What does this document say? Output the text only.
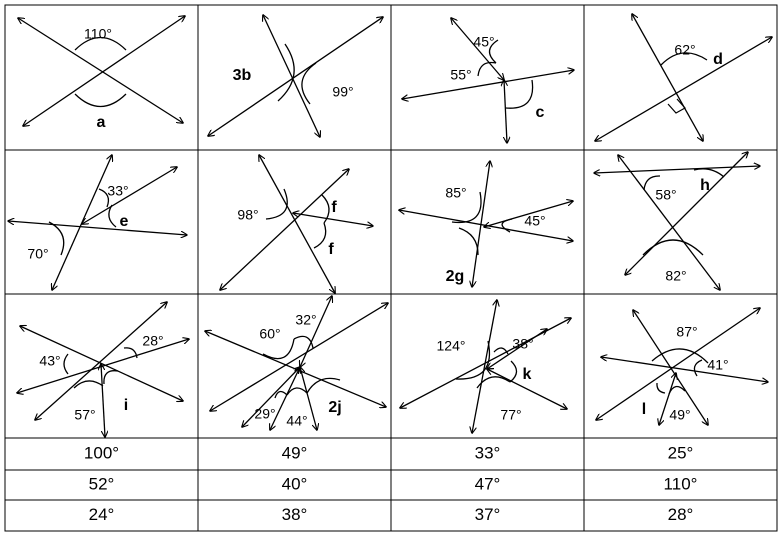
110°
a
3b
99°
45°
55°
c
62°
d
33°
e
70°
98°	f
f
85°
45°
2g
58°
h
82°
28°
43°
i
57°
60°
32°
29° 44°
2j
124°	38°
k
77°
87°
41°
l 49°
100°	49°	33°	25°
52°	40°	47°	110°
24°	38°	37°	28°
